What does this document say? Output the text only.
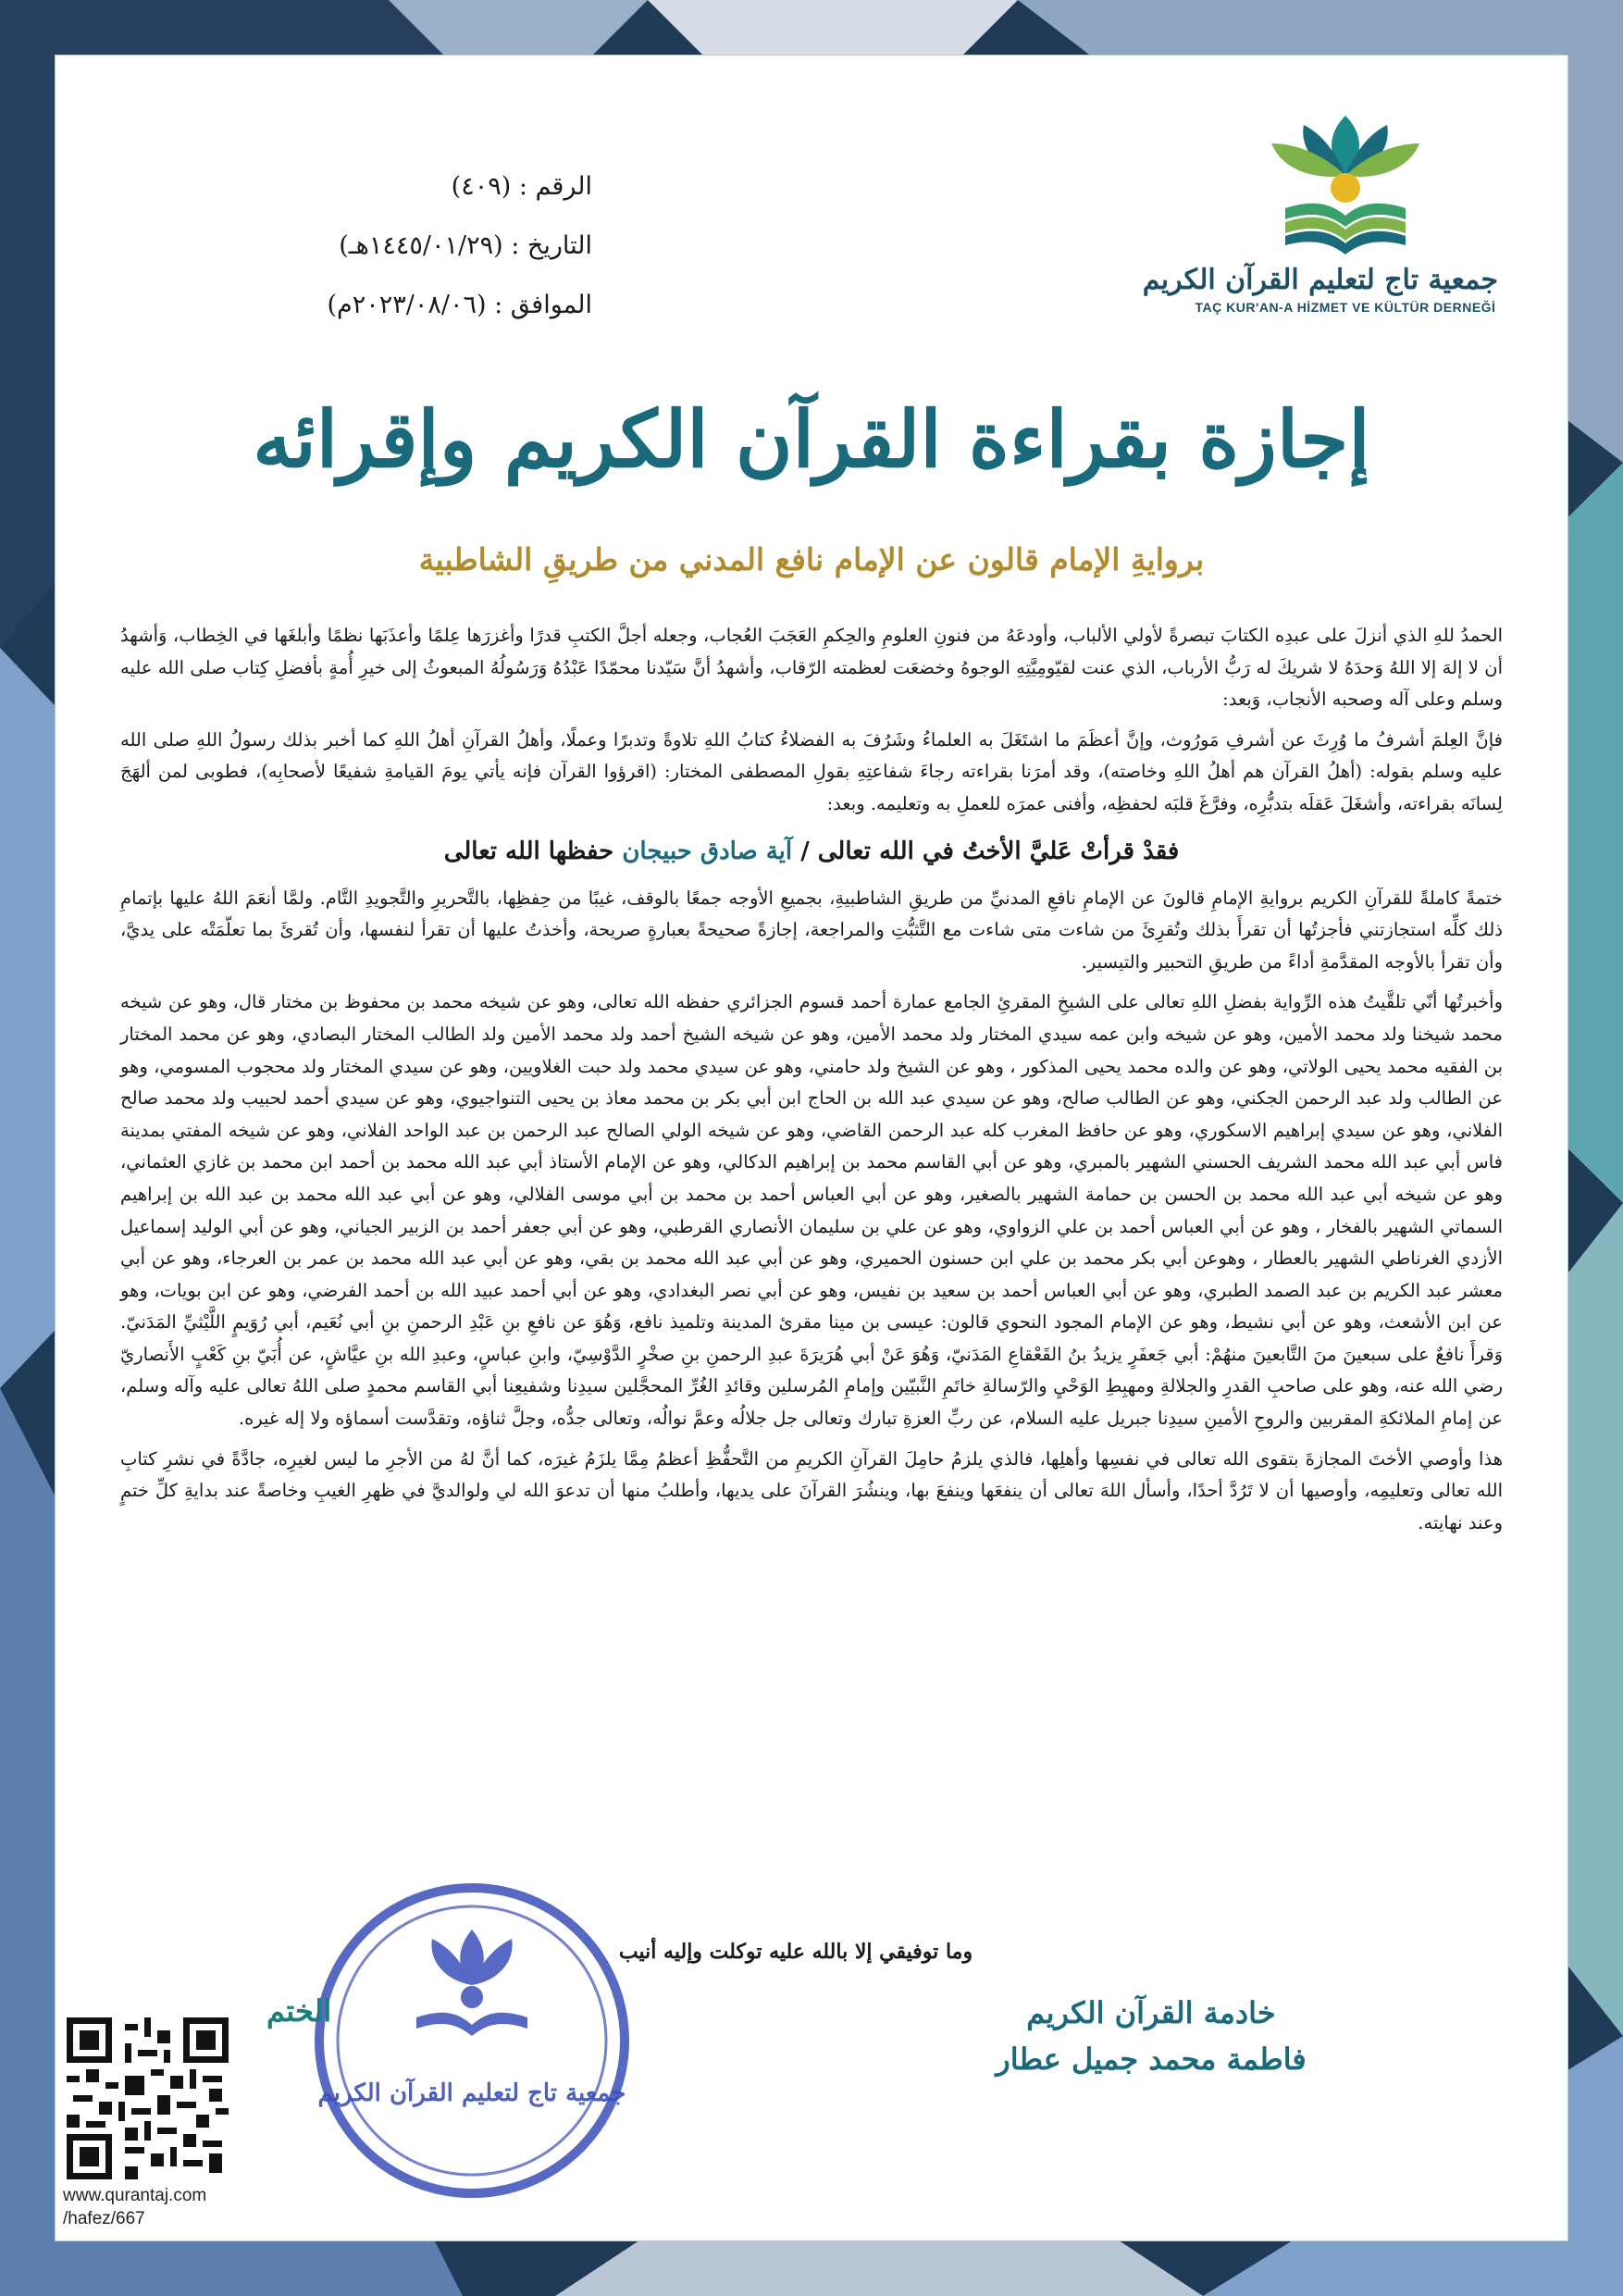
الرقم : (٤٠٩)
التاريخ : (١٤٤٥/٠١/٢٩هـ)
الموافق : (٢٠٢٣/٠٨/٠٦م)
جمعية تاج لتعليم القرآن الكريم
TAÇ KUR'AN-A HİZMET VE KÜLTÜR DERNEĞİ
إجازة بقراءة القرآن الكريم وإقرائه
بروايةِ الإمام قالون عن الإمام نافع المدني من طريقِ الشاطبية

الحمدُ للهِ الذي أنزلَ على عبدِه الكتابَ تبصرةً لأولي الألباب، وأودعَهُ من فنونِ العلومِ والحِكمِ العَجَبَ العُجاب، وجعله أجلَّ الكتبِ قدرًا وأغزرَها عِلمًا وأعذَبَها نظمًا وأبلغَها في الخِطاب، وَأشهدُ أن لا إلهَ إلا اللهُ وَحدَهُ لا شريكَ له رَبُّ الأرباب، الذي عنت لقيّومِيَّتِهِ الوجوهُ وخضعَت لعظمته الرّقاب، وأشهدُ أنَّ سَيّدنا محمّدًا عَبْدُهُ وَرَسُولُهُ المبعوثُ إلى خيرِ أُمةٍ بأفضلِ كِتاب صلى الله عليه وسلم وعلى آله وصحبه الأنجاب، وَبعد:

فإنَّ العِلمَ أشرفُ ما وُرِثَ عن أشرفِ مَورُوث، وإنَّ أعظَمَ ما اشتَغَلَ به العلماءُ وشَرُفَ به الفضلاءُ كتابُ اللهِ تلاوةً وتدبرًا وعملًا، وأهلُ القرآنِ أهلُ اللهِ كما أخبر بذلك رسولُ اللهِ صلى الله عليه وسلم بقوله: (أهلُ القرآن هم أهلُ اللهِ وخاصته)، وقد أمرَنا بقراءته رجاءَ شفاعتِهِ بقولِ المصطفى المختار: (اقرؤوا القرآن فإنه يأتي يومَ القيامةِ شفيعًا لأصحابِه)، فطوبى لمن ألهَجَ لِسانَه بقراءته، وأشغَلَ عَقلَه بتدبُّرِه، وفرَّغَ قلبَه لحفظِه، وأفنى عمرَه للعملِ به وتعليمه. وبعد:

فقدْ قرأتْ عَليَّ الأختُ في الله تعالى / آية صادق حبيجان حفظها الله تعالى

ختمةً كاملةً للقرآنِ الكريم بروايةِ الإمامِ قالونَ عن الإمامِ نافعِ المدنيِّ من طريقِ الشاطبيةِ، بجميعِ الأوجه جمعًا بالوقف، غيبًا من حِفظِها، بالتَّحريرِ والتَّجويدِ التَّام. ولمَّا أنعَمَ اللهُ عليها بإتمامِ ذلك كلِّه استجازتني فأجزتُها أن تقرأَ بذلك وتُقرِئَ من شاءت متى شاءت مع التَّثبُّتِ والمراجعة، إجازةً صحيحةً بعبارةٍ صريحة، وأخذتُ عليها أن تقرأ لنفسها، وأن تُقرئَ بما تعلّمَتْه على يديَّ، وأن تقرأ بالأوجه المقدَّمةِ أداءً من طريقِ التحبير والتيسير.

وأخبرتُها أنّي تلقَّيتُ هذه الرِّواية بفضلِ اللهِ تعالى على الشيخِ المقرئِ الجامع عمارة أحمد قسوم الجزائري حفظه الله تعالى، وهو عن شيخه محمد بن محفوظ بن مختار قال، وهو عن شيخه محمد شيخنا ولد محمد الأمين، وهو عن شيخه وابن عمه سيدي المختار ولد محمد الأمين، وهو عن شيخه الشيخ أحمد ولد محمد الأمين ولد الطالب المختار البصادي، وهو عن محمد المختار بن الفقيه محمد يحيى الولاتي، وهو عن والده محمد يحيى المذكور ، وهو عن الشيخ ولد حامني، وهو عن سيدي محمد ولد حبت الغلاويين، وهو عن سيدي المختار ولد محجوب المسومي، وهو عن الطالب ولد عبد الرحمن الجكني، وهو عن الطالب صالح، وهو عن سيدي عبد الله بن الحاج ابن أبي بكر بن محمد معاذ بن يحيى التنواجيوي، وهو عن سيدي أحمد لحبيب ولد محمد صالح الفلاني، وهو عن سيدي إبراهيم الاسكوري، وهو عن حافظ المغرب كله عبد الرحمن القاضي، وهو عن شيخه الولي الصالح عبد الرحمن بن عبد الواحد الفلاني، وهو عن شيخه المفتي بمدينة فاس أبي عبد الله محمد الشريف الحسني الشهير بالمبري، وهو عن أبي القاسم محمد بن إبراهيم الدكالي، وهو عن الإمام الأستاذ أبي عبد الله محمد بن أحمد ابن محمد بن غازي العثماني، وهو عن شيخه أبي عبد الله محمد بن الحسن بن حمامة الشهير بالصغير، وهو عن أبي العباس أحمد بن محمد بن أبي موسى الفلالي، وهو عن أبي عبد الله محمد بن عبد الله بن إبراهيم السماتي الشهير بالفخار ، وهو عن أبي العباس أحمد بن علي الزواوي، وهو عن علي بن سليمان الأنصاري القرطبي، وهو عن أبي جعفر أحمد بن الزبير الجياني، وهو عن أبي الوليد إسماعيل الأزدي الغرناطي الشهير بالعطار ، وهوعن أبي بكر محمد بن علي ابن حسنون الحميري، وهو عن أبي عبد الله محمد بن بقي، وهو عن أبي عبد الله محمد بن عمر بن العرجاء، وهو عن أبي معشر عبد الكريم بن عبد الصمد الطبري، وهو عن أبي العباس أحمد بن سعيد بن نفيس، وهو عن أبي نصر البغدادي، وهو عن أبي أحمد عبيد الله بن أحمد الفرضي، وهو عن ابن بويات، وهو عن ابن الأشعث، وهو عن أبي نشيط، وهو عن الإمام المجود النحوي قالون: عيسى بن مينا مقرئ المدينة وتلميذ نافع، وَهُوَ عن نافعِ بنِ عَبْدِ الرحمنِ بنِ أبي نُعَيم، أبي رُوَيمٍ اللَّيْثيِّ المَدَنيّ. وَقرأَ نافعٌ على سبعينَ منَ التَّابعينَ منهُمْ: أبي جَعفَرٍ يزيدُ بنُ القَعْقاعِ المَدَنيّ، وَهُوَ عَنْ أبي هُرَيرَةَ عبدِ الرحمنِ بنِ صخْرٍ الدَّوْسِيّ، وابنِ عباسٍ، وعبدِ الله بنِ عيَّاشٍ، عن أُبَيّ بنِ كَعْبٍ الأَنصاريّ رضي الله عنه، وهو على صاحبِ القدرِ والجلالةِ ومهبِطِ الوَحْيِ والرّسالةِ خاتَمِ النَّبيّين وإمامِ المُرسلين وقائدِ الغُرِّ المحجَّلين سيدِنا وشفيعِنا أبي القاسم محمدٍ صلى اللهُ تعالى عليه وآله وسلم، عن إمامِ الملائكةِ المقربين والروحِ الأمينِ سيدِنا جبريل عليه السلام، عن ربِّ العزةِ تبارك وتعالى جل جلالُه وعمَّ نوالُه، وتعالى جدُّه، وجلَّ ثناؤه، وتقدَّست أسماؤه ولا إله غيره.

هذا وأوصي الأختَ المجازةَ بتقوى الله تعالى في نفسِها وأهلِها، فالذي يلزمُ حامِلَ القرآنِ الكريمِ من التَّحفُّظِ أعظمُ مِمَّا يلزَمُ غيرَه، كما أنَّ لهُ من الأجرِ ما ليس لغيرِه، جادَّةً في نشرِ كتابِ الله تعالى وتعليمِه، وأوصيها أن لا تَرُدَّ أحدًا، وأسأل اللهَ تعالى أن ينفعَها وينفعَ بها، وينشُرَ القرآنَ على يديها، وأطلبُ منها أن تدعوَ الله لي ولوالديَّ في ظهرِ الغيبِ وخاصةً عند بدايةِ كلِّ ختمٍ وعند نهايته.

وما توفيقي إلا بالله عليه توكلت وإليه أنيب
خادمة القرآن الكريم
فاطمة محمد جميل عطار
جمعية تاج لتعليم القرآن الكريم
الختم
www.qurantaj.com
/hafez/667
